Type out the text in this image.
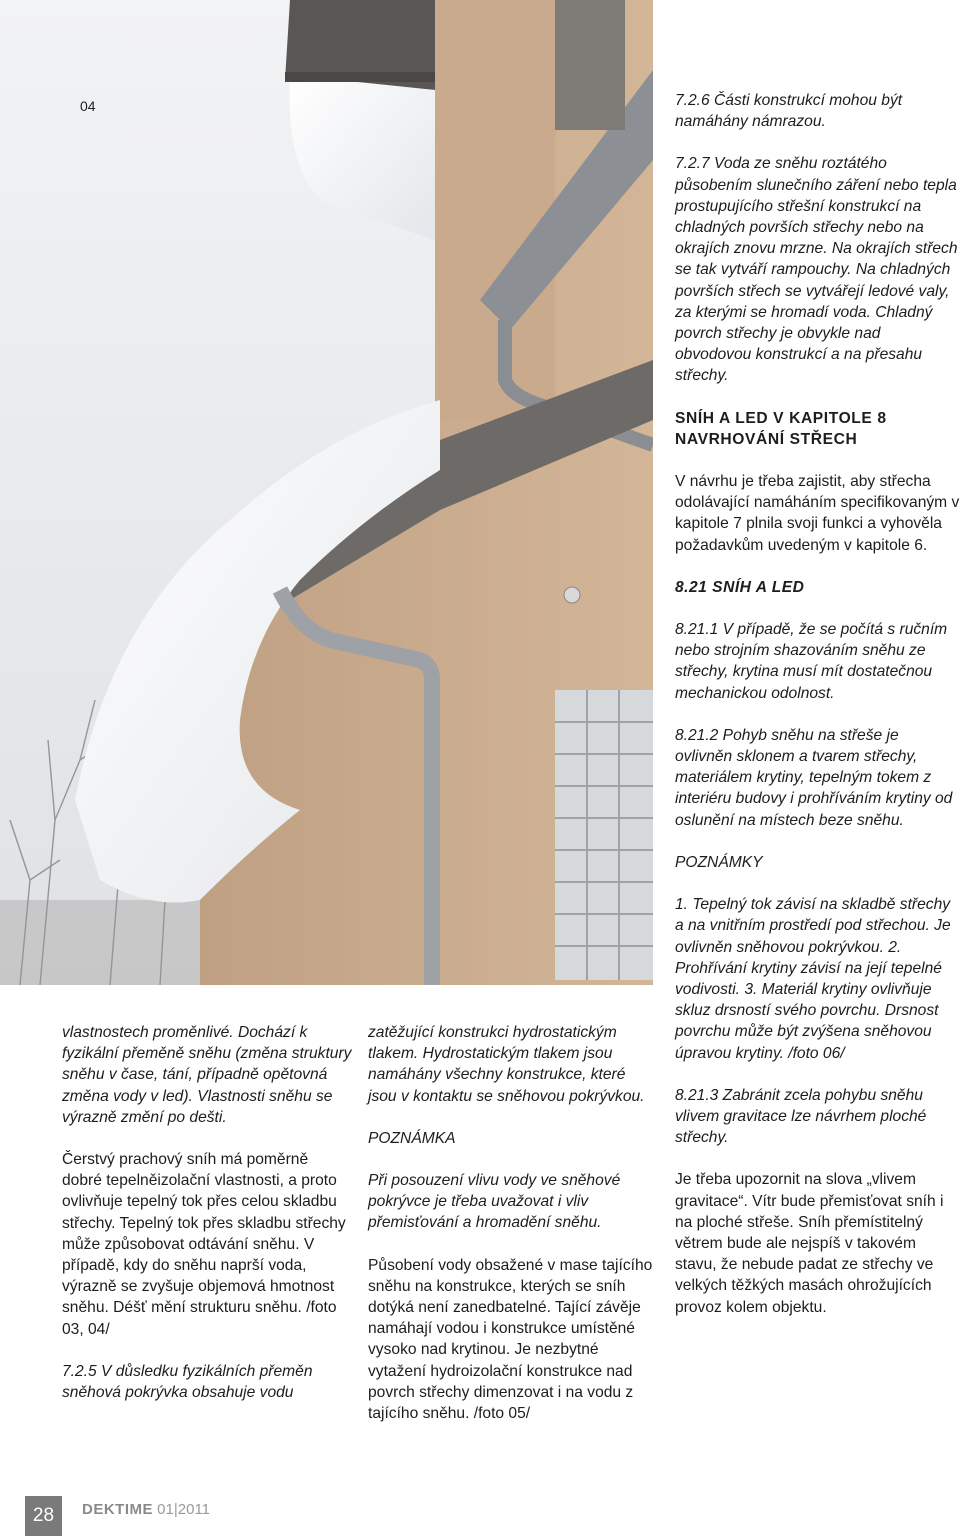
04	7.2.6 Části konstrukcí mohou být namáhány námrazou.

7.2.7 Voda ze sněhu roztátého působením slunečního záření nebo tepla prostupujícího střešní konstrukcí na chladných površích střechy nebo na okrajích znovu mrzne. Na okrajích střech se tak vytváří rampouchy. Na chladných površích střech se vytvářejí ledové valy, za kterými se hromadí voda. Chladný povrch střechy je obvykle nad obvodovou konstrukcí a na přesahu střechy.

SNÍH A LED V KAPITOLE 8 NAVRHOVÁNÍ STŘECH

V návrhu je třeba zajistit, aby střecha odolávající namáháním specifikovaným v kapitole 7 plnila svoji funkci a vyhověla požadavkům uvedeným v kapitole 6.

8.21 SNÍH A LED

8.21.1 V případě, že se počítá s ručním nebo strojním shazováním sněhu ze střechy, krytina musí mít dostatečnou mechanickou odolnost.

8.21.2 Pohyb sněhu na střeše je ovlivněn sklonem a tvarem střechy, materiálem krytiny, tepelným tokem z interiéru budovy i prohříváním krytiny od oslunění na místech beze sněhu.

POZNÁMKY

1. Tepelný tok závisí na skladbě střechy a na vnitřním prostředí pod střechou. Je ovlivněn sněhovou pokrývkou. 2. Prohřívání krytiny závisí na její tepelné vodivosti. 3. Materiál krytiny ovlivňuje skluz drsností svého povrchu. Drsnost povrchu může být zvýšena sněhovou úpravou krytiny. /foto 06/

8.21.3 Zabránit zcela pohybu sněhu vlivem gravitace lze návrhem ploché střechy.

Je třeba upozornit na slova „vlivem gravitace“. Vítr bude přemisťovat sníh i na ploché střeše. Sníh přemístitelný větrem bude ale nejspíš v takovém stavu, že nebude padat ze střechy ve velkých těžkých masách ohrožujících provoz kolem objektu.

vlastnostech proměnlivé. Dochází k fyzikální přeměně sněhu (změna struktury sněhu v čase, tání, případně opětovná změna vody v led). Vlastnosti sněhu se výrazně změní po dešti.

Čerstvý prachový sníh má poměrně dobré tepelněizolační vlastnosti, a proto ovlivňuje tepelný tok přes celou skladbu střechy. Tepelný tok přes skladbu střechy může způsobovat odtávání sněhu. V případě, kdy do sněhu naprší voda, výrazně se zvyšuje objemová hmotnost sněhu. Déšť mění strukturu sněhu. /foto 03, 04/

7.2.5 V důsledku fyzikálních přeměn sněhová pokrývka obsahuje vodu

zatěžující konstrukci hydrostatickým tlakem. Hydrostatickým tlakem jsou namáhány všechny konstrukce, které jsou v kontaktu se sněhovou pokrývkou.

POZNÁMKA

Při posouzení vlivu vody ve sněhové pokrývce je třeba uvažovat i vliv přemisťování a hromadění sněhu.

Působení vody obsažené v mase tajícího sněhu na konstrukce, kterých se sníh dotýká není zanedbatelné. Tající závěje namáhají vodou i konstrukce umístěné vysoko nad krytinou. Je nezbytné vytažení hydroizolační konstrukce nad povrch střechy dimenzovat i na vodu z tajícího sněhu. /foto 05/

28	DEKTIME 01|2011
